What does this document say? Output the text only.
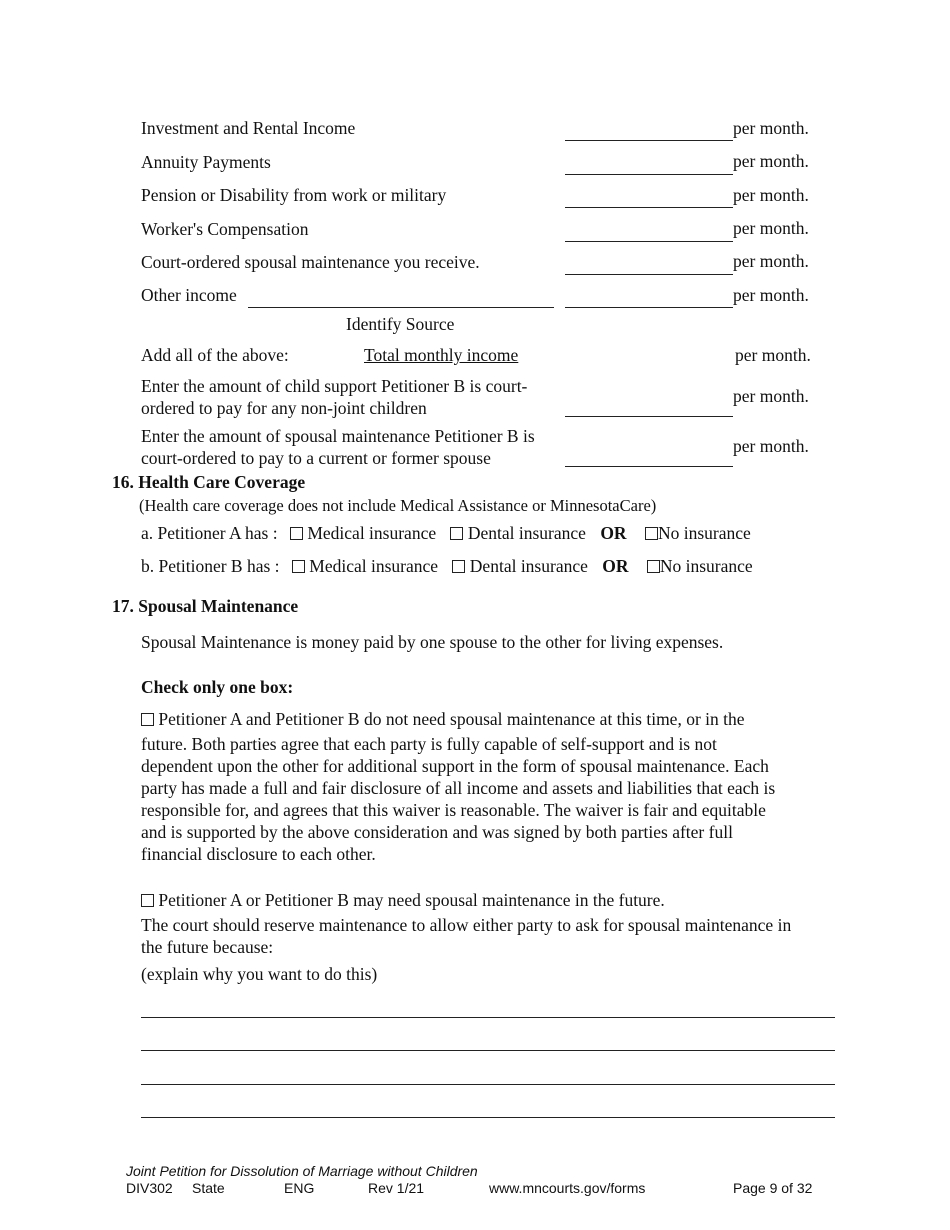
Investment and Rental Income	per month.
Annuity Payments	per month.
Pension or Disability from work or military	per month.
Worker's Compensation	per month.
Court-ordered spousal maintenance you receive.	per month.
Other income	per month.
Identify Source
Add all of the above:	Total monthly income	per month.
Enter the amount of child support Petitioner B is court-
ordered to pay for any non-joint children
per month.
Enter the amount of spousal maintenance Petitioner B is
court-ordered to pay to a current or former spouse
per month.
16. Health Care Coverage
(Health care coverage does not include Medical Assistance or MinnesotaCare)
a. Petitioner A has : Medical insurance Dental insurance OR No insurance
b. Petitioner B has : Medical insurance Dental insurance OR No insurance
17. Spousal Maintenance
Spousal Maintenance is money paid by one spouse to the other for living expenses.
Check only one box:
Petitioner A and Petitioner B do not need spousal maintenance at this time, or in the
future. Both parties agree that each party is fully capable of self-support and is not
dependent upon the other for additional support in the form of spousal maintenance. Each
party has made a full and fair disclosure of all income and assets and liabilities that each is
responsible for, and agrees that this waiver is reasonable. The waiver is fair and equitable
and is supported by the above consideration and was signed by both parties after full
financial disclosure to each other.
Petitioner A or Petitioner B may need spousal maintenance in the future.
The court should reserve maintenance to allow either party to ask for spousal maintenance in
the future because:
(explain why you want to do this)
Joint Petition for Dissolution of Marriage without Children
DIV302 State	ENG	Rev 1/21	www.mncourts.gov/forms	Page 9 of 32
